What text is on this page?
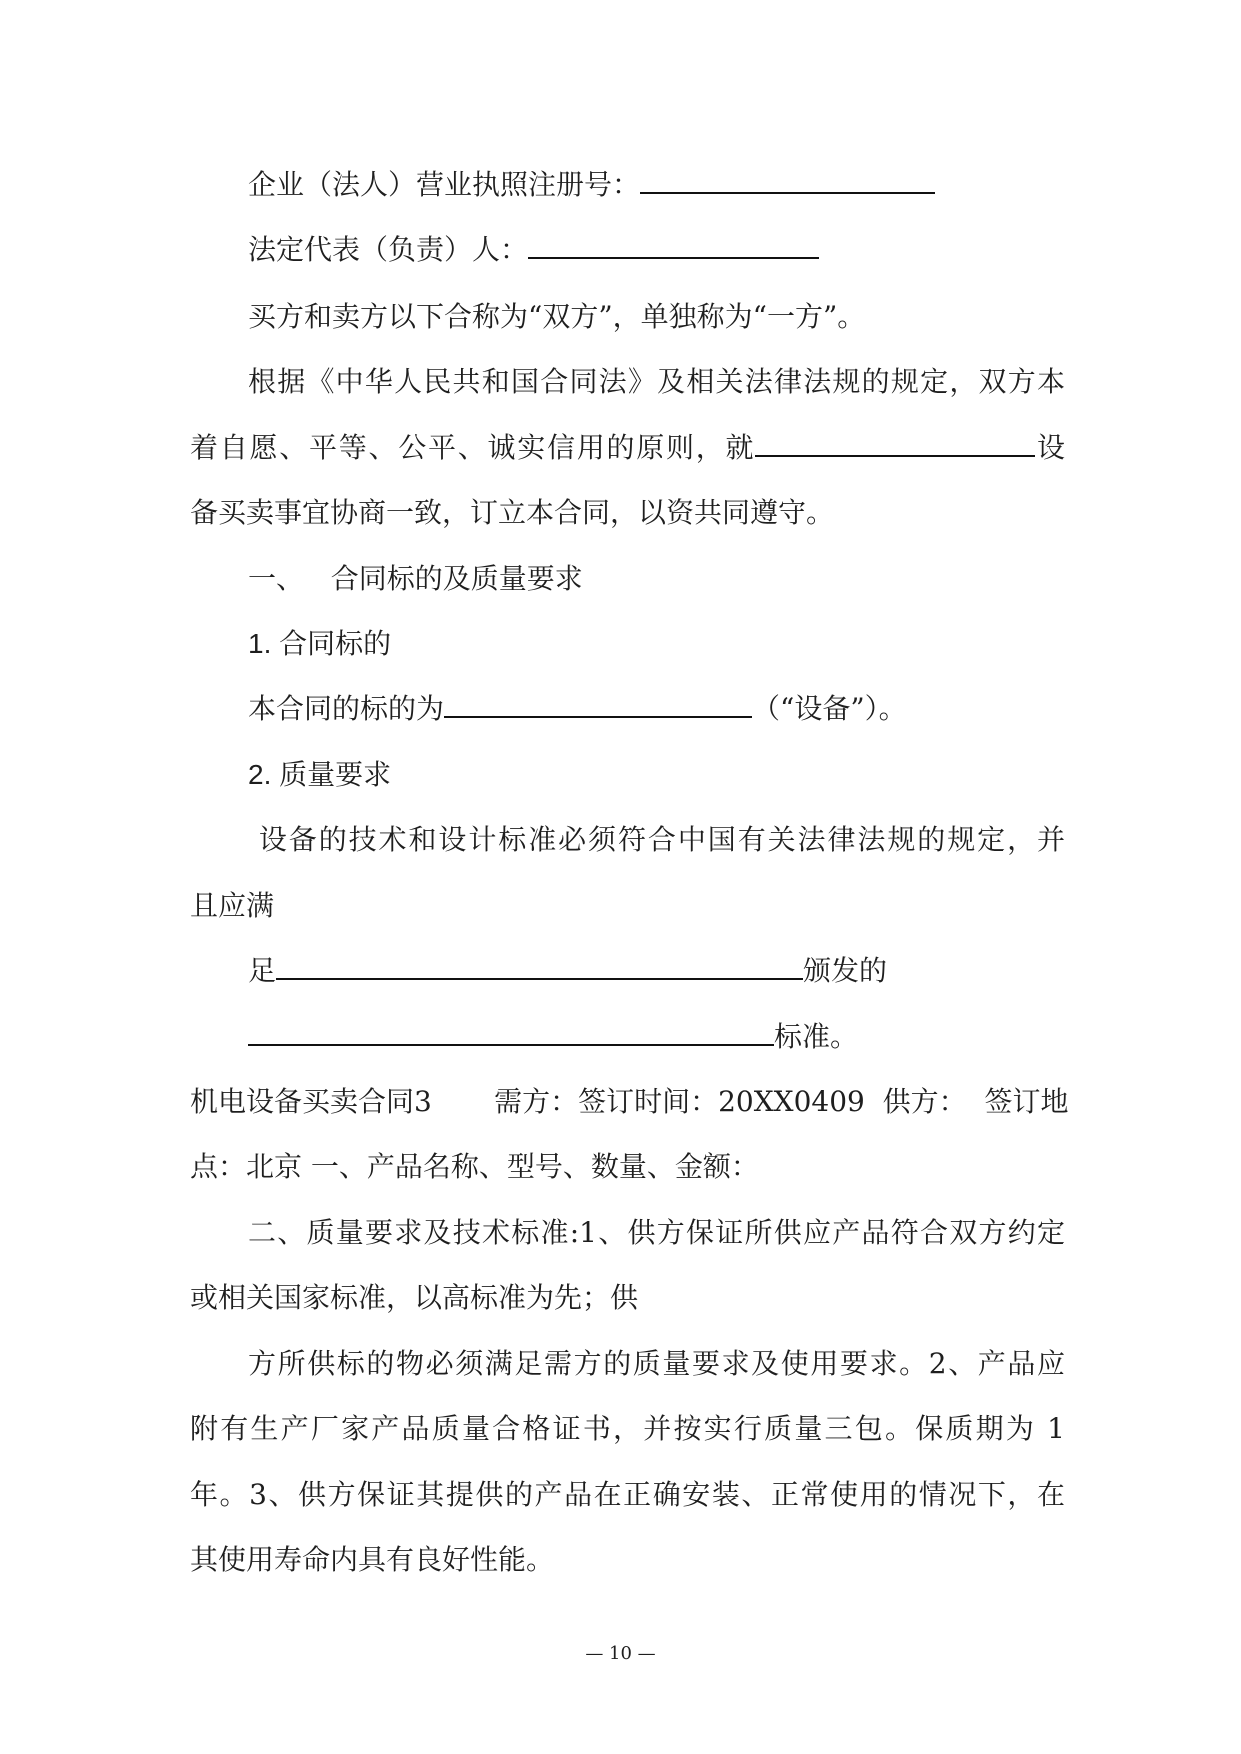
企业（法人）营业执照注册号：
法定代表（负责）人：
买方和卖方以下合称为“双方”，单独称为“一方”。
根据《中华人民共和国合同法》及相关法律法规的规定，双方本
着自愿、平等、公平、诚实信用的原则，就	设
备买卖事宜协商一致，订立本合同，以资共同遵守。
一、   合同标的及质量要求
1. 合同标的
本合同的标的为	（“设备”）。
2. 质量要求
设备的技术和设计标准必须符合中国有关法律法规的规定，并
且应满
足	颁发的
标准。
机电设备买卖合同3       需方：签订时间：20XX0409  供方：  签订地
点：北京 一、产品名称、型号、数量、金额：
二、质量要求及技术标准:1、供方保证所供应产品符合双方约定
或相关国家标准，以高标准为先；供
方所供标的物必须满足需方的质量要求及使用要求。2、产品应
附有生产厂家产品质量合格证书，并按实行质量三包。保质期为 1
年。3、供方保证其提供的产品在正确安装、正常使用的情况下，在
其使用寿命内具有良好性能。
— 10 —
